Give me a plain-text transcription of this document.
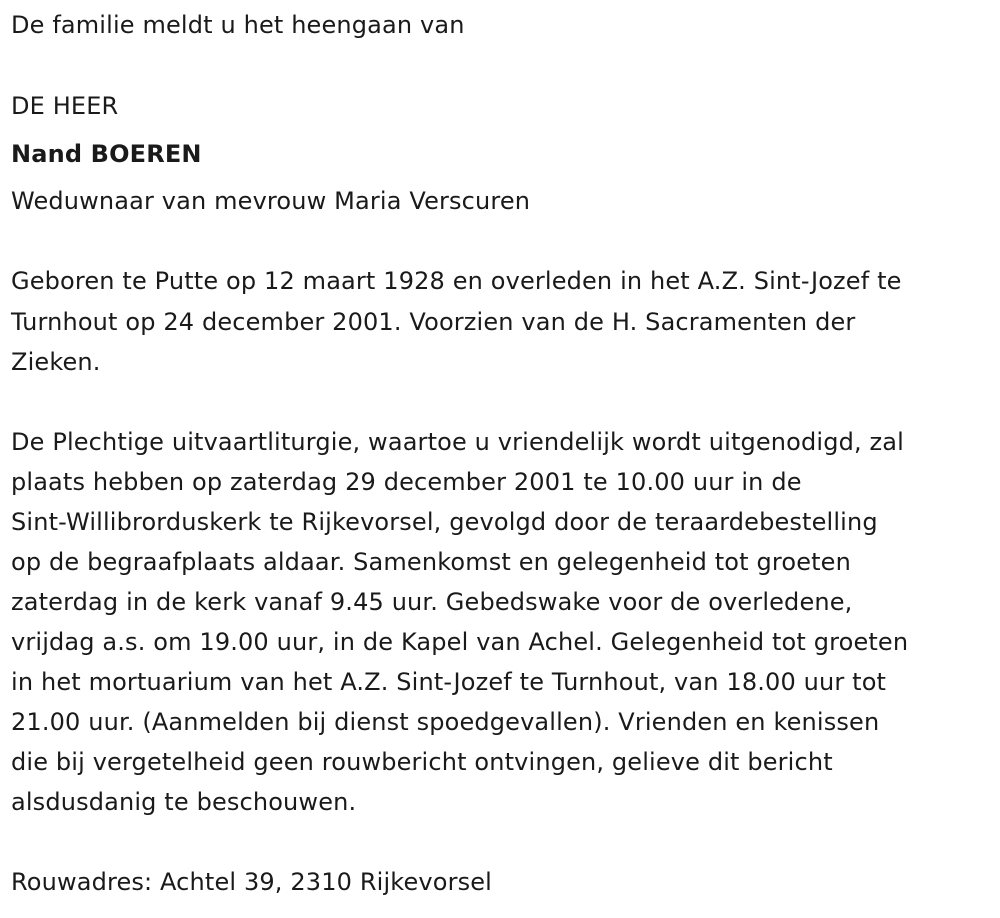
De familie meldt u het heengaan van
DE HEER
Nand BOEREN
Weduwnaar van mevrouw Maria Verscuren
Geboren te Putte op 12 maart 1928 en overleden in het A.Z. Sint-Jozef te
Turnhout op 24 december 2001. Voorzien van de H. Sacramenten der
Zieken.
De Plechtige uitvaartliturgie, waartoe u vriendelijk wordt uitgenodigd, zal
plaats hebben op zaterdag 29 december 2001 te 10.00 uur in de
Sint-Willibrorduskerk te Rijkevorsel, gevolgd door de teraardebestelling
op de begraafplaats aldaar. Samenkomst en gelegenheid tot groeten
zaterdag in de kerk vanaf 9.45 uur. Gebedswake voor de overledene,
vrijdag a.s. om 19.00 uur, in de Kapel van Achel. Gelegenheid tot groeten
in het mortuarium van het A.Z. Sint-Jozef te Turnhout, van 18.00 uur tot
21.00 uur. (Aanmelden bij dienst spoedgevallen). Vrienden en kenissen
die bij vergetelheid geen rouwbericht ontvingen, gelieve dit bericht
alsdusdanig te beschouwen.
Rouwadres: Achtel 39, 2310 Rijkevorsel
